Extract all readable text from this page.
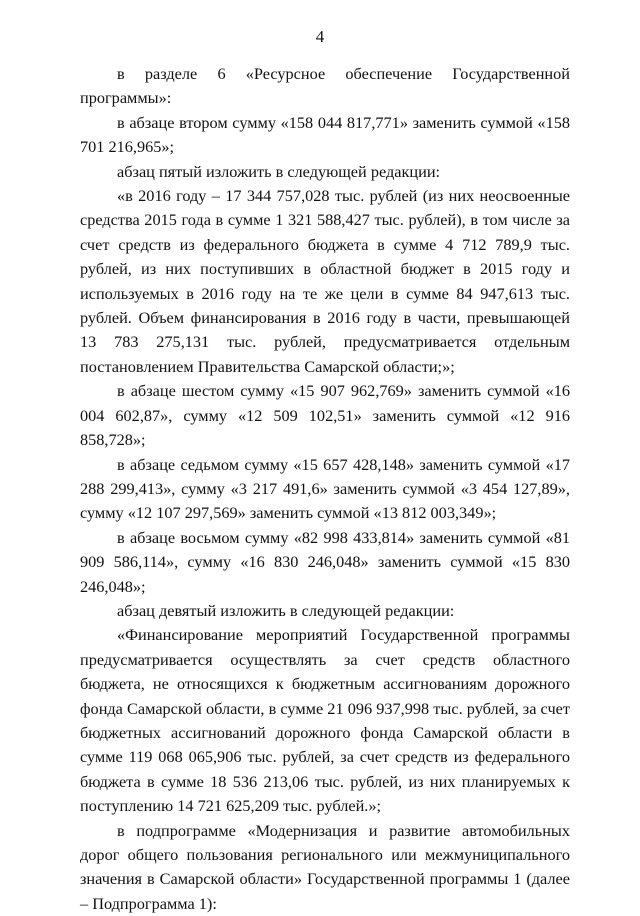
4

в разделе 6 «Ресурсное обеспечение Государственной программы»:

в абзаце втором сумму «158 044 817,771» заменить суммой «158 701 216,965»;

абзац пятый изложить в следующей редакции:

«в 2016 году – 17 344 757,028 тыс. рублей (из них неосвоенные средства 2015 года в сумме 1 321 588,427 тыс. рублей), в том числе за счет средств из федерального бюджета в сумме 4 712 789,9 тыс. рублей, из них поступивших в областной бюджет в 2015 году и используемых в 2016 году на те же цели в сумме 84 947,613 тыс. рублей. Объем финансирования в 2016 году в части, превышающей 13 783 275,131 тыс. рублей, предусматривается отдельным постановлением Правительства Самарской области;»;

в абзаце шестом сумму «15 907 962,769» заменить суммой «16 004 602,87», сумму «12 509 102,51» заменить суммой «12 916 858,728»;

в абзаце седьмом сумму «15 657 428,148» заменить суммой «17 288 299,413», сумму «3 217 491,6» заменить суммой «3 454 127,89», сумму «12 107 297,569» заменить суммой «13 812 003,349»;

в абзаце восьмом сумму «82 998 433,814» заменить суммой «81 909 586,114», сумму «16 830 246,048» заменить суммой «15 830 246,048»;

абзац девятый изложить в следующей редакции:

«Финансирование мероприятий Государственной программы предусматривается осуществлять за счет средств областного бюджета, не относящихся к бюджетным ассигнованиям дорожного фонда Самарской области, в сумме 21 096 937,998 тыс. рублей, за счет бюджетных ассигнований дорожного фонда Самарской области в сумме 119 068 065,906 тыс. рублей, за счет средств из федерального бюджета в сумме 18 536 213,06 тыс. рублей, из них планируемых к поступлению 14 721 625,209 тыс. рублей.»;

в подпрограмме «Модернизация и развитие автомобильных дорог общего пользования регионального или межмуниципального значения в Самарской области» Государственной программы 1 (далее – Подпрограмма 1):
